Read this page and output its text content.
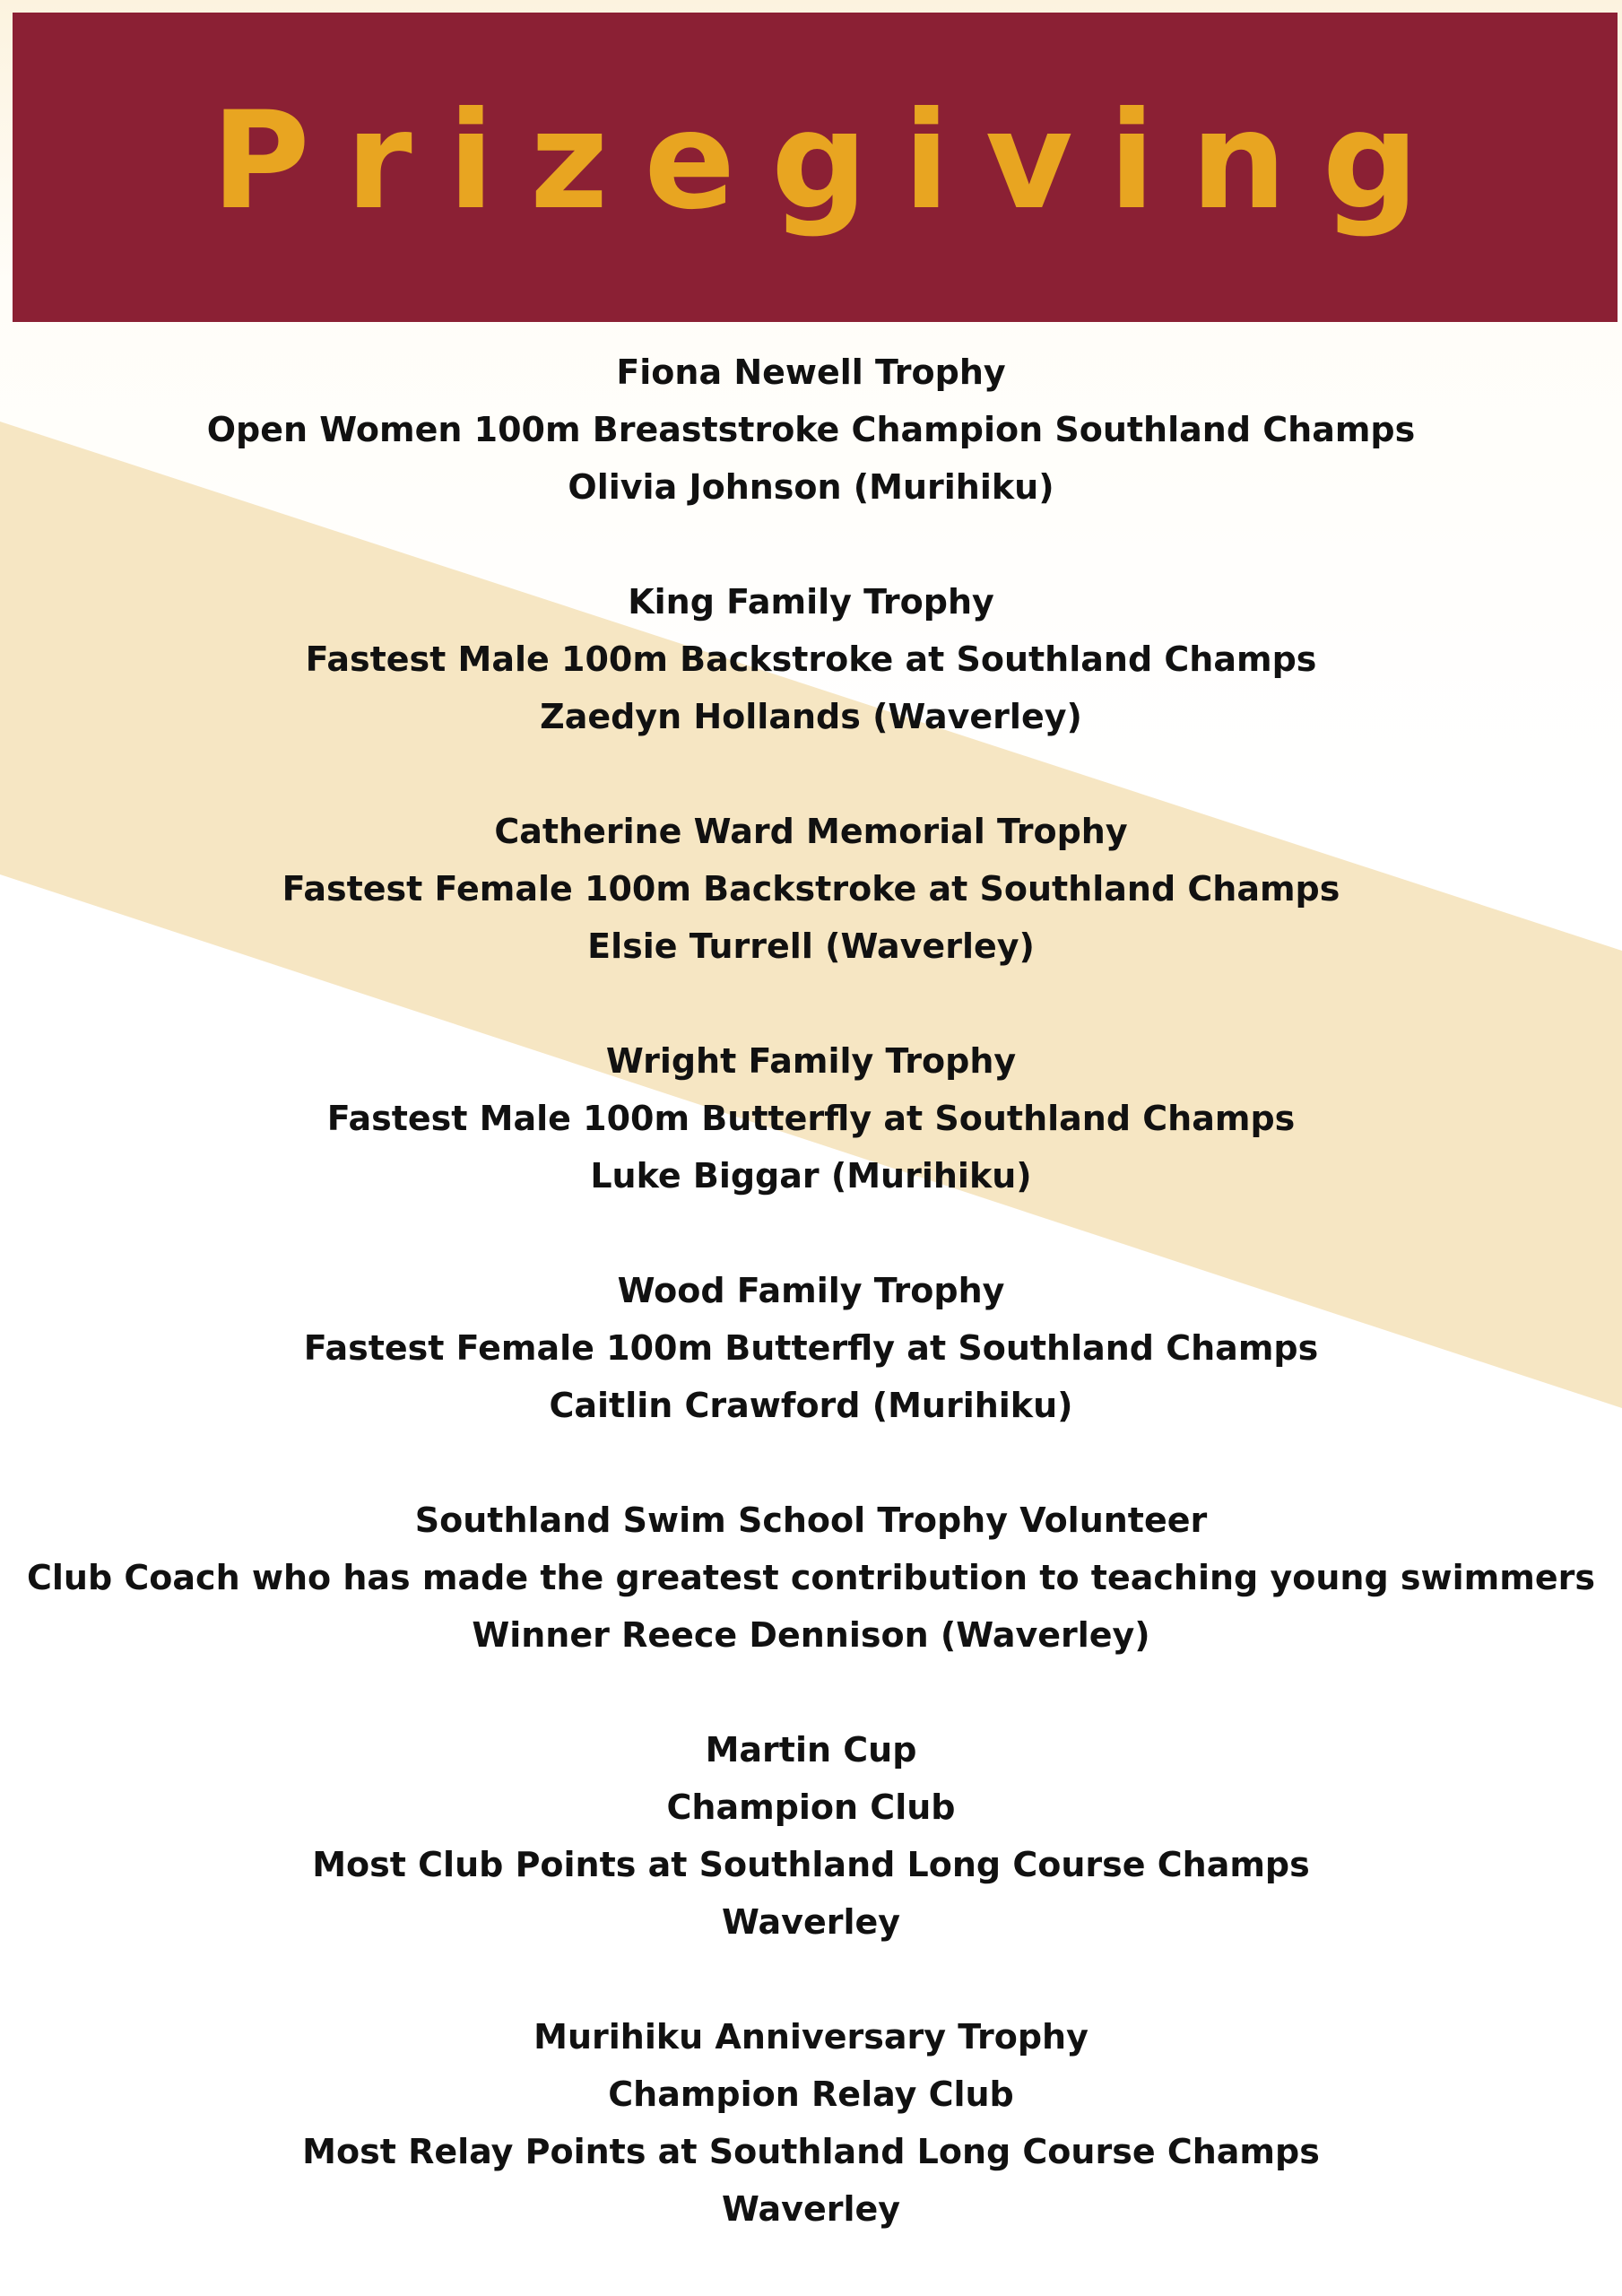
Prizegiving
Fiona Newell Trophy
Open Women 100m Breaststroke Champion Southland Champs
Olivia Johnson (Murihiku)
King Family Trophy
Fastest Male 100m Backstroke at Southland Champs
Zaedyn Hollands (Waverley)
Catherine Ward Memorial Trophy
Fastest Female 100m Backstroke at Southland Champs
Elsie Turrell (Waverley)
Wright Family Trophy
Fastest Male 100m Butterfly at Southland Champs
Luke Biggar (Murihiku)
Wood Family Trophy
Fastest Female 100m Butterfly at Southland Champs
Caitlin Crawford (Murihiku)
Southland Swim School Trophy Volunteer
Club Coach who has made the greatest contribution to teaching young swimmers
Winner Reece Dennison (Waverley)
Martin Cup
Champion Club
Most Club Points at Southland Long Course Champs
Waverley
Murihiku Anniversary Trophy
Champion Relay Club
Most Relay Points at Southland Long Course Champs
Waverley
